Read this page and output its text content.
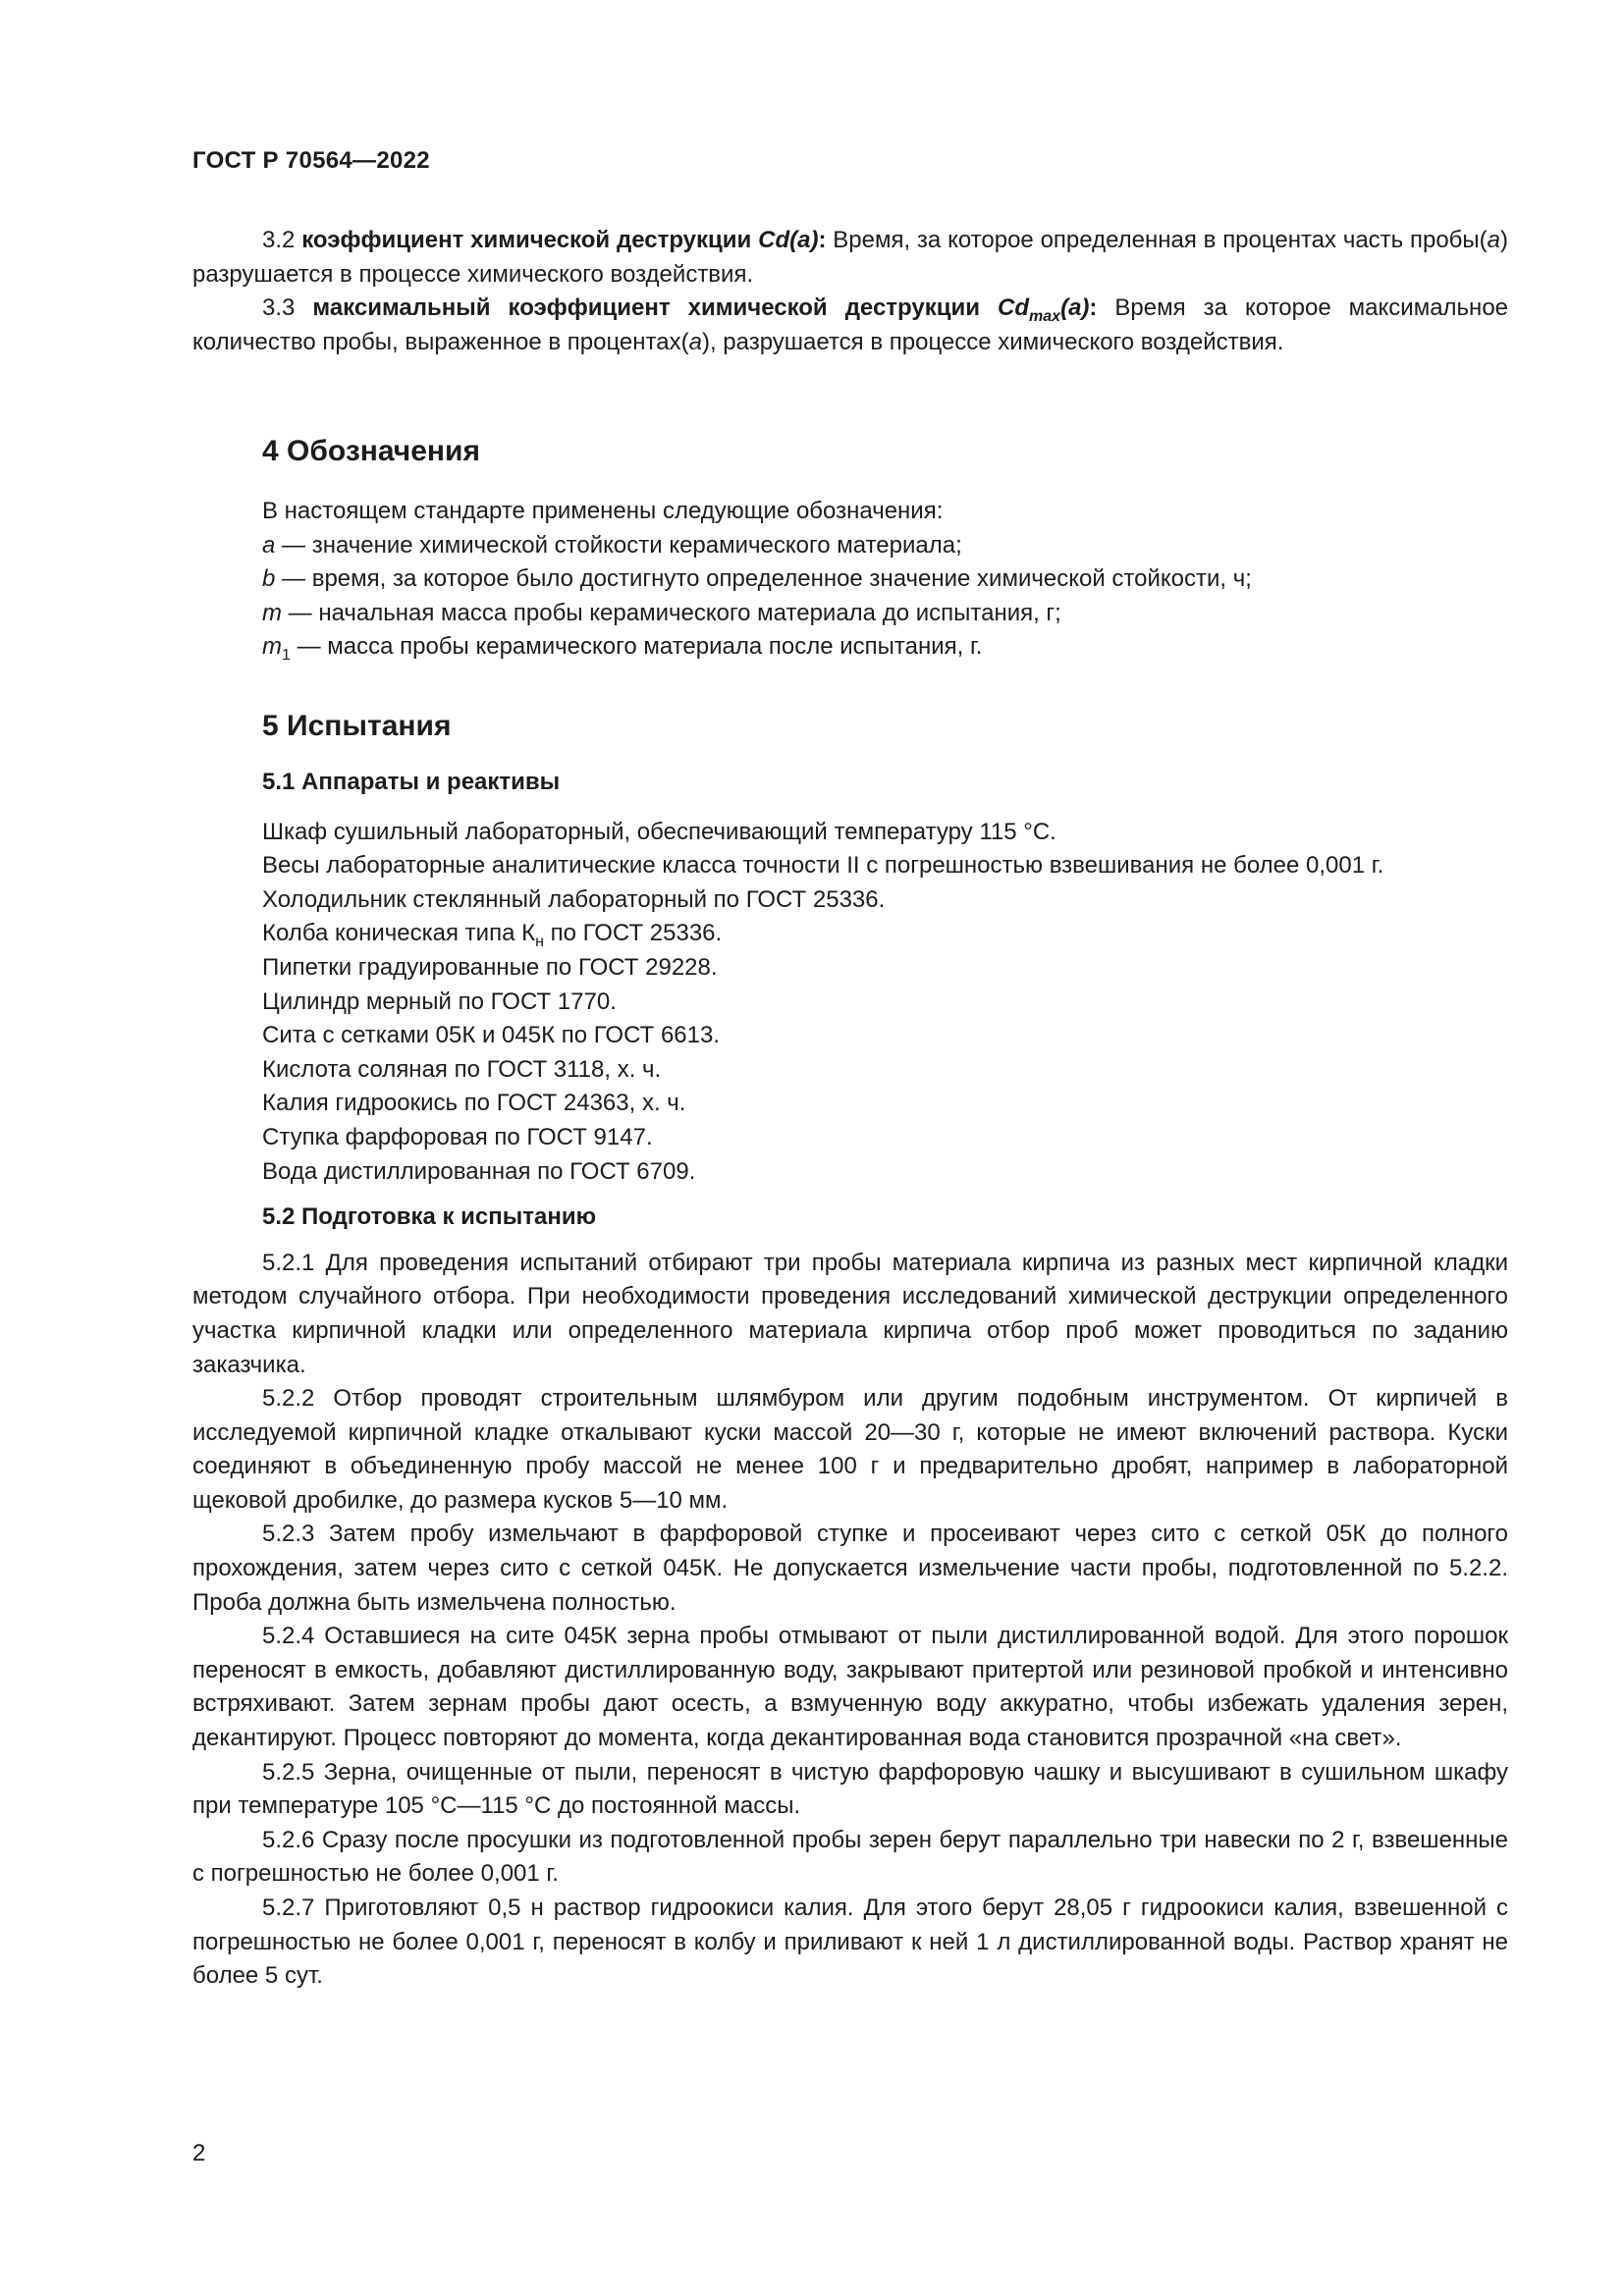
ГОСТ Р 70564—2022

3.2 коэффициент химической деструкции Cd(a): Время, за которое определенная в процентах часть пробы(a) разрушается в процессе химического воздействия.

3.3 максимальный коэффициент химической деструкции $Cd_{max}(a)$: Время за которое максимальное количество пробы, выраженное в процентах(a), разрушается в процессе химического воздействия.

4 Обозначения

В настоящем стандарте применены следующие обозначения:

a — значение химической стойкости керамического материала;

b — время, за которое было достигнуто определенное значение химической стойкости, ч;

m — начальная масса пробы керамического материала до испытания, г;

$m_1$ — масса пробы керамического материала после испытания, г.

5 Испытания
5.1 Аппараты и реактивы

Шкаф сушильный лабораторный, обеспечивающий температуру 115 °C.

Весы лабораторные аналитические класса точности II с погрешностью взвешивания не более 0,001 г.

Холодильник стеклянный лабораторный по ГОСТ 25336.

Колба коническая типа $К_н$ по ГОСТ 25336.

Пипетки градуированные по ГОСТ 29228.

Цилиндр мерный по ГОСТ 1770.

Сита с сетками 05К и 045К по ГОСТ 6613.

Кислота соляная по ГОСТ 3118, х. ч.

Калия гидроокись по ГОСТ 24363, х. ч.

Ступка фарфоровая по ГОСТ 9147.

Вода дистиллированная по ГОСТ 6709.

5.2 Подготовка к испытанию

5.2.1 Для проведения испытаний отбирают три пробы материала кирпича из разных мест кирпичной кладки методом случайного отбора. При необходимости проведения исследований химической деструкции определенного участка кирпичной кладки или определенного материала кирпича отбор проб может проводиться по заданию заказчика.

5.2.2 Отбор проводят строительным шлямбуром или другим подобным инструментом. От кирпичей в исследуемой кирпичной кладке откалывают куски массой 20—30 г, которые не имеют включений раствора. Куски соединяют в объединенную пробу массой не менее 100 г и предварительно дробят, например в лабораторной щековой дробилке, до размера кусков 5—10 мм.

5.2.3 Затем пробу измельчают в фарфоровой ступке и просеивают через сито с сеткой 05К до полного прохождения, затем через сито с сеткой 045К. Не допускается измельчение части пробы, подготовленной по 5.2.2. Проба должна быть измельчена полностью.

5.2.4 Оставшиеся на сите 045К зерна пробы отмывают от пыли дистиллированной водой. Для этого порошок переносят в емкость, добавляют дистиллированную воду, закрывают притертой или резиновой пробкой и интенсивно встряхивают. Затем зернам пробы дают осесть, а взмученную воду аккуратно, чтобы избежать удаления зерен, декантируют. Процесс повторяют до момента, когда декантированная вода становится прозрачной «на свет».

5.2.5 Зерна, очищенные от пыли, переносят в чистую фарфоровую чашку и высушивают в сушильном шкафу при температуре 105 °C—115 °C до постоянной массы.

5.2.6 Сразу после просушки из подготовленной пробы зерен берут параллельно три навески по 2 г, взвешенные с погрешностью не более 0,001 г.

5.2.7 Приготовляют 0,5 н раствор гидроокиси калия. Для этого берут 28,05 г гидроокиси калия, взвешенной с погрешностью не более 0,001 г, переносят в колбу и приливают к ней 1 л дистиллированной воды. Раствор хранят не более 5 сут.

2
